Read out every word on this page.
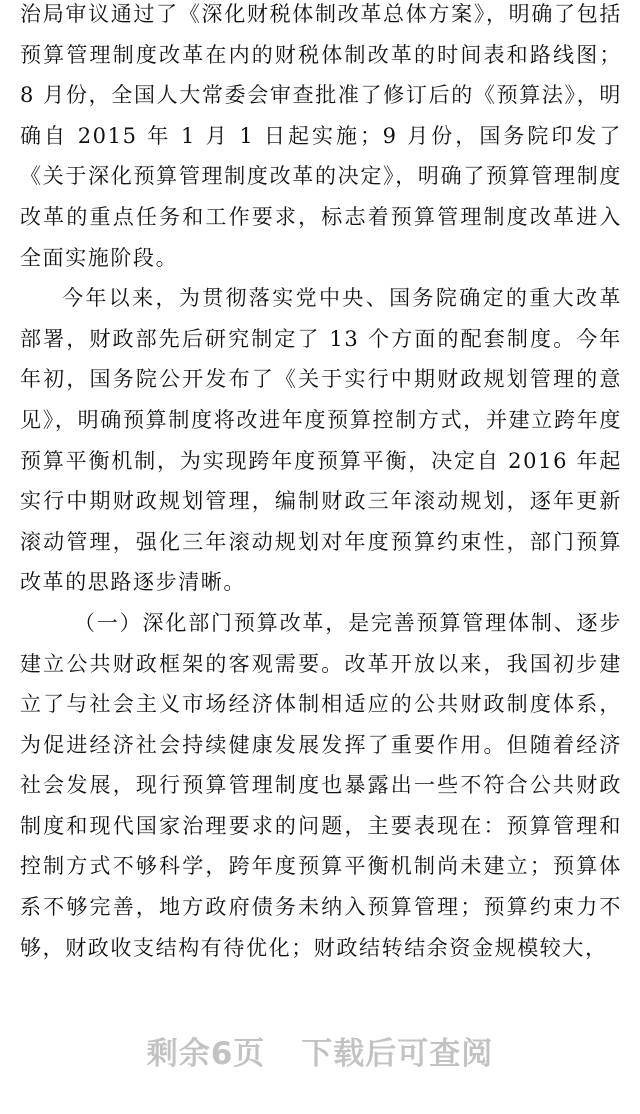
治局审议通过了《深化财税体制改革总体方案》，明确了包括预算管理制度改革在内的财税体制改革的时间表和路线图；8 月份，全国人大常委会审查批准了修订后的《预算法》，明确自 2015 年 1 月 1 日起实施；9 月份，国务院印发了《关于深化预算管理制度改革的决定》，明确了预算管理制度改革的重点任务和工作要求，标志着预算管理制度改革进入全面实施阶段。

今年以来，为贯彻落实党中央、国务院确定的重大改革部署，财政部先后研究制定了 13 个方面的配套制度。今年年初，国务院公开发布了《关于实行中期财政规划管理的意见》，明确预算制度将改进年度预算控制方式，并建立跨年度预算平衡机制，为实现跨年度预算平衡，决定自 2016 年起实行中期财政规划管理，编制财政三年滚动规划，逐年更新滚动管理，强化三年滚动规划对年度预算约束性，部门预算改革的思路逐步清晰。

（一）深化部门预算改革，是完善预算管理体制、逐步建立公共财政框架的客观需要。改革开放以来，我国初步建立了与社会主义市场经济体制相适应的公共财政制度体系，为促进经济社会持续健康发展发挥了重要作用。但随着经济社会发展，现行预算管理制度也暴露出一些不符合公共财政制度和现代国家治理要求的问题，主要表现在：预算管理和控制方式不够科学，跨年度预算平衡机制尚未建立；预算体系不够完善，地方政府债务未纳入预算管理；预算约束力不够，财政收支结构有待优化；财政结转结余资金规模较大，

剩余6页 下载后可查阅
